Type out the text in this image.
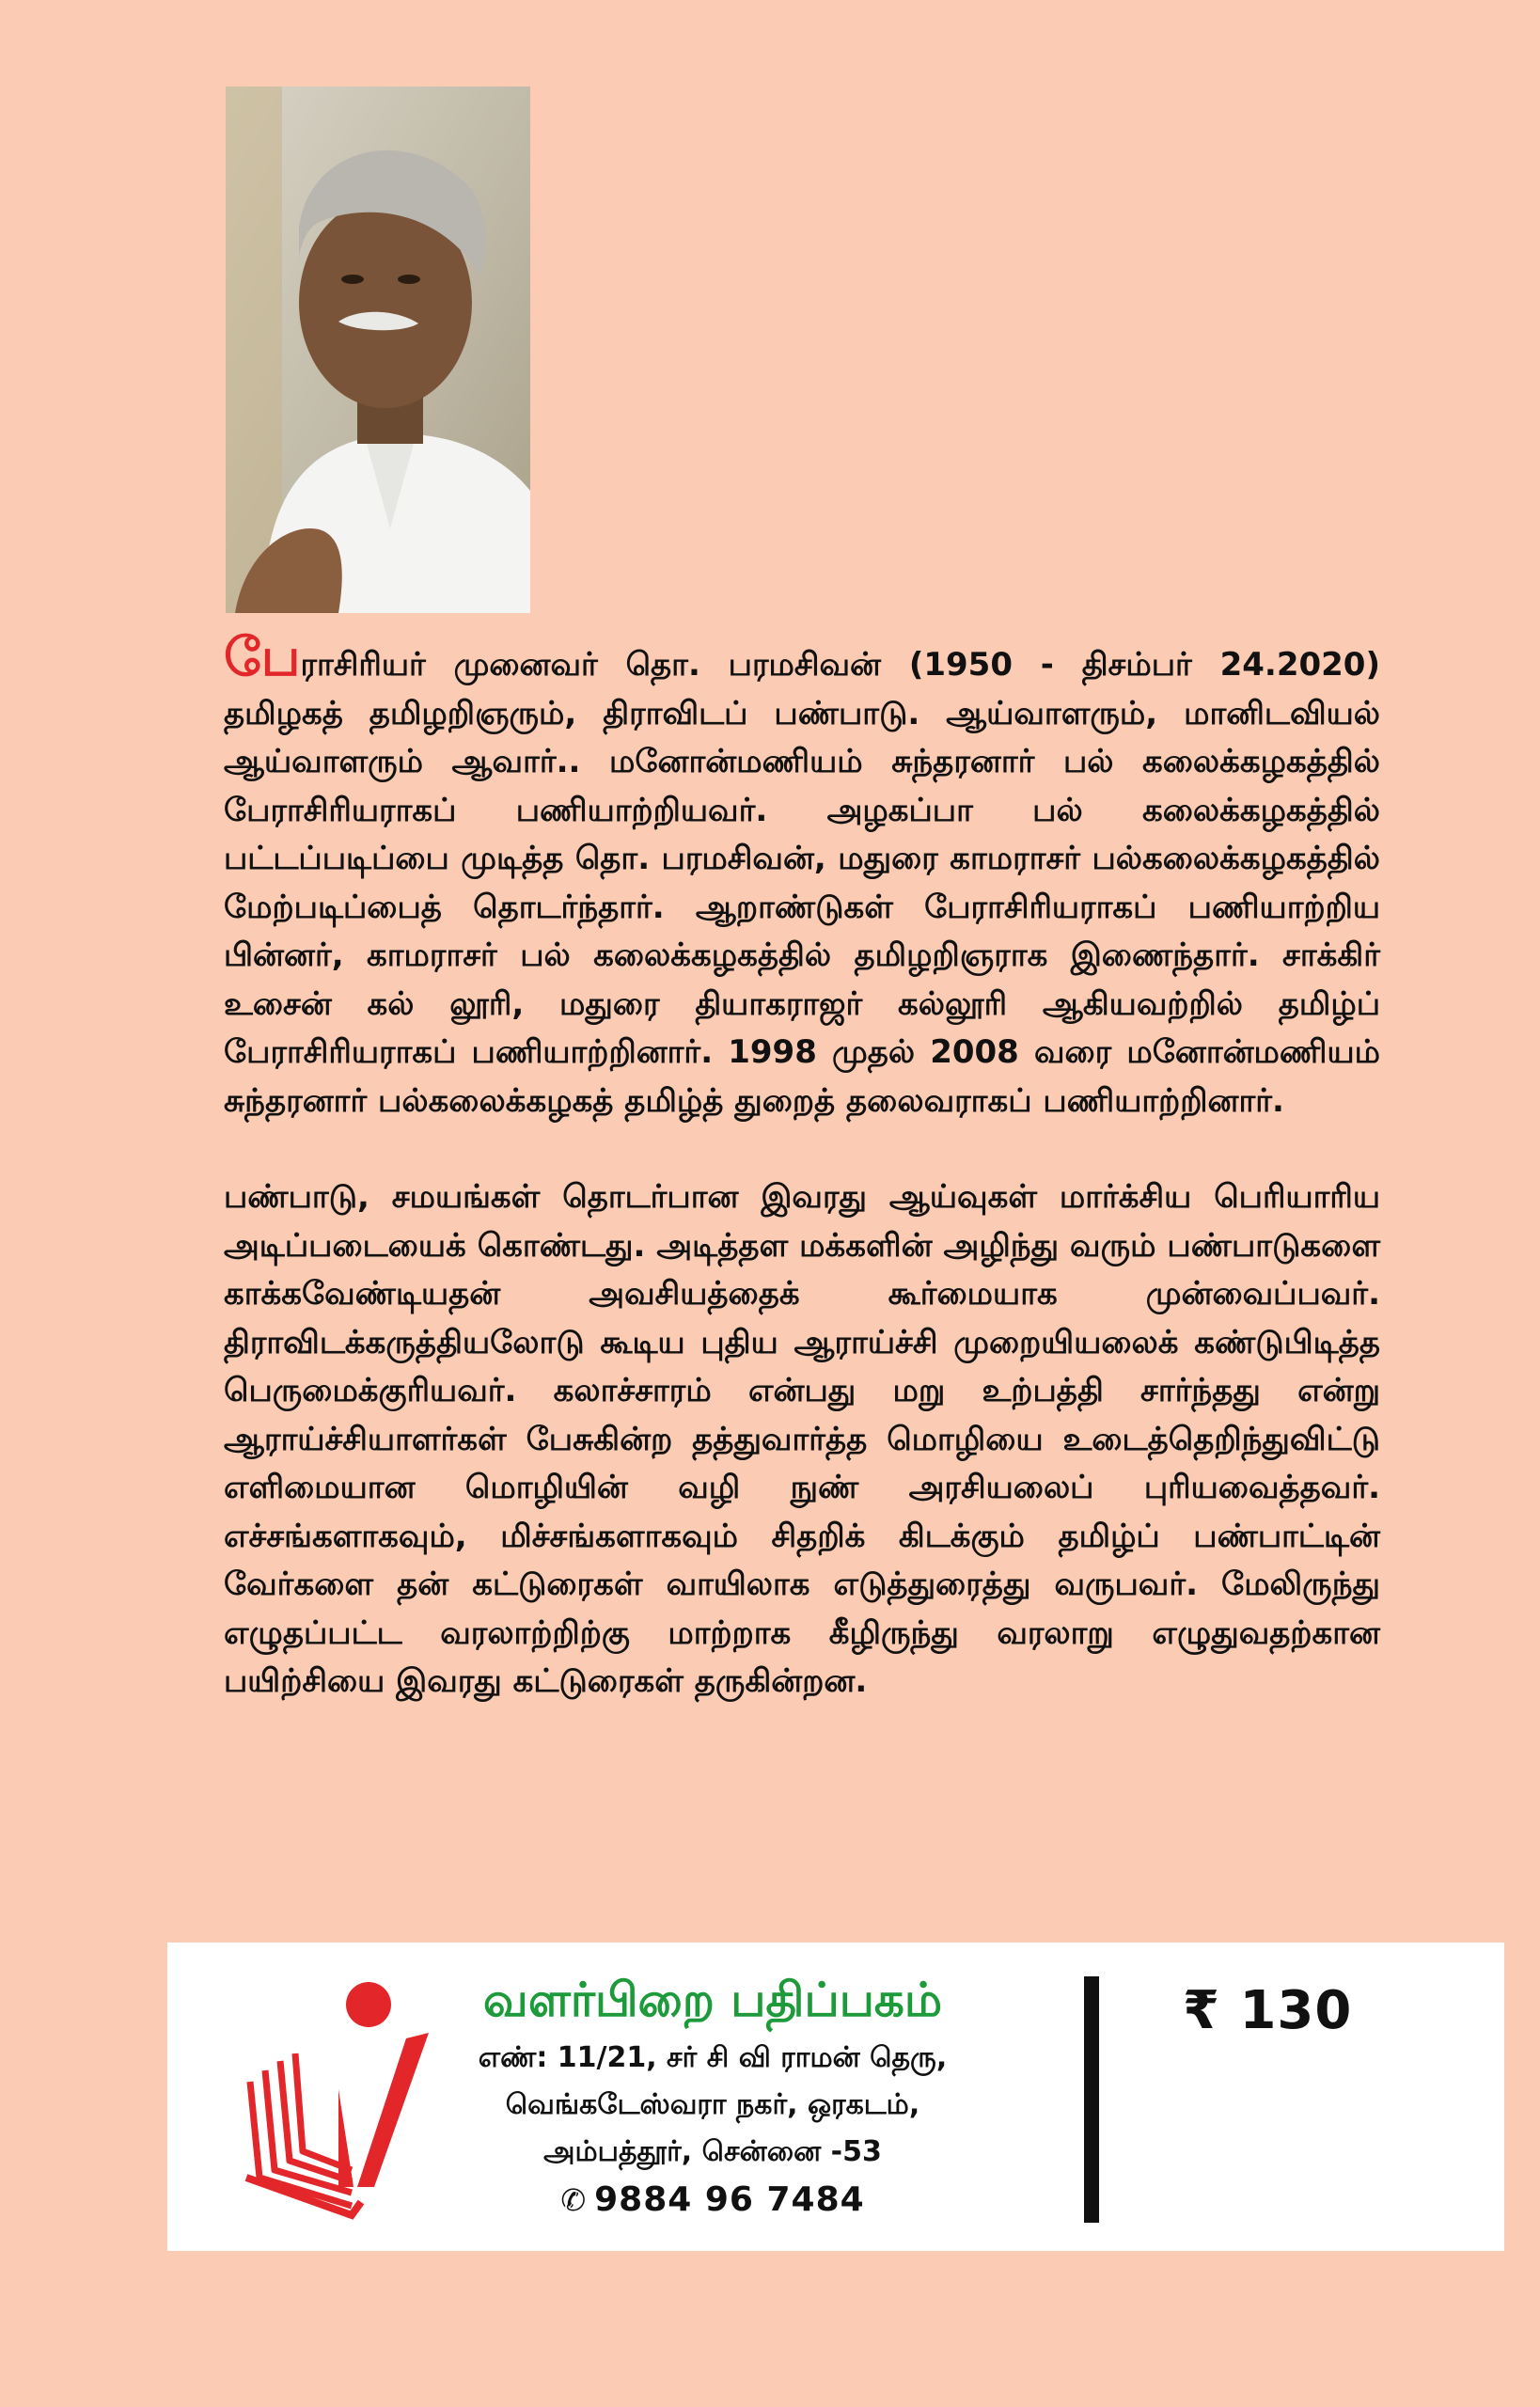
பேராசிரியர் முனைவர் தொ. பரமசிவன் (1950 - திசம்பர் 24.2020) தமிழகத் தமிழறிஞரும், திராவிடப் பண்பாடு. ஆய்வாளரும், மானிடவியல் ஆய்வாளரும் ஆவார்.. மனோன்மணியம் சுந்தரனார் பல் கலைக்கழகத்தில் பேராசிரியராகப் பணியாற்றியவர். அழகப்பா பல் கலைக்கழகத்தில் பட்டப்படிப்பை முடித்த தொ. பரமசிவன், மதுரை காமராசர் பல்கலைக்கழகத்தில் மேற்படிப்பைத் தொடர்ந்தார். ஆறாண்டுகள் பேராசிரியராகப் பணியாற்றிய பின்னர், காமராசர் பல் கலைக்கழகத்தில் தமிழறிஞராக இணைந்தார். சாக்கிர் உசைன் கல் லூரி, மதுரை தியாகராஜர் கல்லூரி ஆகியவற்றில் தமிழ்ப் பேராசிரியராகப் பணியாற்றினார். 1998 முதல் 2008 வரை மனோன்மணியம் சுந்தரனார் பல்கலைக்கழகத் தமிழ்த் துறைத் தலைவராகப் பணியாற்றினார்.

பண்பாடு, சமயங்கள் தொடர்பான இவரது ஆய்வுகள் மார்க்சிய பெரியாரிய அடிப்படையைக் கொண்டது. அடித்தள மக்களின் அழிந்து வரும் பண்பாடுகளை காக்கவேண்டியதன் அவசியத்தைக் கூர்மையாக முன்வைப்பவர். திராவிடக்கருத்தியலோடு கூடிய புதிய ஆராய்ச்சி முறையியலைக் கண்டுபிடித்த பெருமைக்குரியவர். கலாச்சாரம் என்பது மறு உற்பத்தி சார்ந்தது என்று ஆராய்ச்சியாளர்கள் பேசுகின்ற தத்துவார்த்த மொழியை உடைத்தெறிந்துவிட்டு எளிமையான மொழியின் வழி நுண் அரசியலைப் புரியவைத்தவர். எச்சங்களாகவும், மிச்சங்களாகவும் சிதறிக் கிடக்கும் தமிழ்ப் பண்பாட்டின் வேர்களை தன் கட்டுரைகள் வாயிலாக எடுத்துரைத்து வருபவர். மேலிருந்து எழுதப்பட்ட வரலாற்றிற்கு மாற்றாக கீழிருந்து வரலாறு எழுதுவதற்கான பயிற்சியை இவரது கட்டுரைகள் தருகின்றன.

வளர்பிறை பதிப்பகம்
எண்: 11/21, சர் சி வி ராமன் தெரு,
வெங்கடேஸ்வரா நகர், ஒரகடம்,
அம்பத்தூர், சென்னை -53
✆ 9884 96 7484
₹ 130
